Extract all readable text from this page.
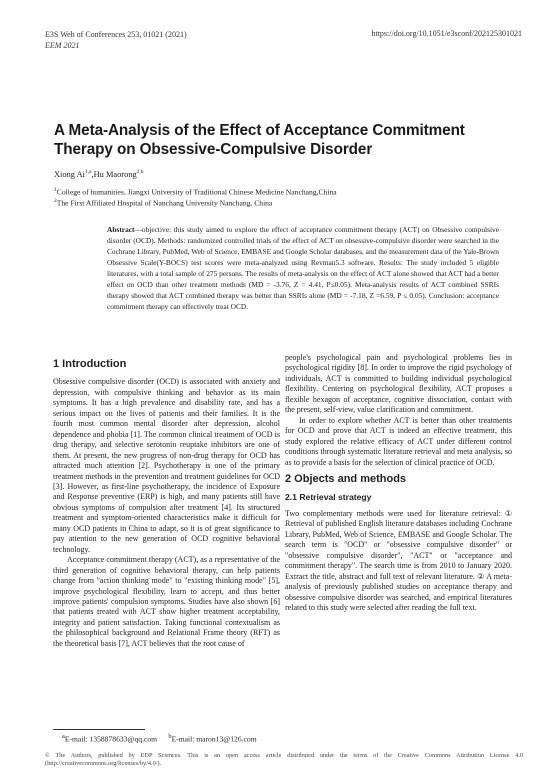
E3S Web of Conferences 253, 01021 (2021)
EEM 2021
https://doi.org/10.1051/e3sconf/202125301021
A Meta-Analysis of the Effect of Acceptance Commitment Therapy on Obsessive-Compulsive Disorder
Xiong Ai$^{1,a}$,Hu Maorong$^{2,b}$
$^1$College of humanities, Jiangxi University of Traditional Chinese Medicine Nanchang,China
$^2$The First Affiliated Hospital of Nanchang University Nanchang, China
Abstract—objective: this study aimed to explore the effect of acceptance commitment therapy (ACT) on Obsessive compulsive disorder (OCD). Methods: randomized controlled trials of the effect of ACT on obsessive-compulsive disorder were searched in the Cochrane Library, PubMed, Web of Science, EMBASE and Google Scholar databases, and the measurement data of the Yale-Brown Obsessive Scale(Y-BOCS) test scores were meta-analyzed using Revman5.3 software. Results: The study included 5 eligible literatures, with a total sample of 275 persons. The results of meta-analysis on the effect of ACT alone showed that ACT had a better effect on OCD than other treatment methods (MD = -3.76, Z = 4.41, P≤0.05). Meta-analysis results of ACT combined SSRIs therapy showed that ACT combined therapy was better than SSRIs alone (MD = -7.18, Z =6.59, P ≤ 0.05). Conclusion: acceptance commitment therapy can effectively treat OCD.
1 Introduction

Obsessive compulsive disorder (OCD) is associated with anxiety and depression, with compulsive thinking and behavior as its main symptoms. It has a high prevalence and disability rate, and has a serious impact on the lives of patients and their families. It is the fourth most common mental disorder after depression, alcohol dependence and phobia [1]. The common clinical treatment of OCD is drug therapy, and selective serotonin reuptake inhibitors are one of them. At present, the new progress of non-drug therapy for OCD has attracted much attention [2]. Psychotherapy is one of the primary treatment methods in the prevention and treatment guidelines for OCD [3]. However, as first-line psychotherapy, the incidence of Exposure and Response preventive (ERP) is high, and many patients still have obvious symptoms of compulsion after treatment [4]. Its structured treatment and symptom-oriented characteristics make it difficult for many OCD patients in China to adapt, so it is of great significance to pay attention to the new generation of OCD cognitive behavioral technology.

Acceptance commitment therapy (ACT), as a representative of the third generation of cognitive behavioral therapy, can help patients change from "action thinking mode" to "existing thinking mode" [5], improve psychological flexibility, learn to accept, and thus better improve patients' compulsion symptoms. Studies have also shown [6] that patients treated with ACT show higher treatment acceptability, integrity and patient satisfaction. Taking functional contextualism as the philosophical background and Relational Frame theory (RFT) as the theoretical basis [7], ACT believes that the root cause of

people's psychological pain and psychological problems lies in psychological rigidity [8]. In order to improve the rigid psychology of individuals, ACT is committed to building individual psychological flexibility. Centering on psychological flexibility, ACT proposes a flexible hexagon of acceptance, cognitive dissociation, contact with the present, self-view, value clarification and commitment.

In order to explore whether ACT is better than other treatments for OCD and prove that ACT is indeed an effective treatment, this study explored the relative efficacy of ACT under different control conditions through systematic literature retrieval and meta analysis, so as to provide a basis for the selection of clinical practice of OCD.

2 Objects and methods
2.1 Retrieval strategy

Two complementary methods were used for literature retrieval: ① Retrieval of published English literature databases including Cochrane Library, PubMed, Web of Science, EMBASE and Google Scholar. The search term is "OCD" or "obsessive compulsive disorder" or "obsessive compulsive disorder", "ACT" or "acceptance and commitment therapy". The search time is from 2010 to January 2020. Extract the title, abstract and full text of relevant literature. ② A meta-analysis of previously published studies on acceptance therapy and obsessive compulsive disorder was searched, and empirical literatures related to this study were selected after reading the full text.

$^a$E-mail: 1358878633@qq.com $^b$E-mail: maron13@126.com
© The Authors, published by EDP Sciences. This is an open access article distributed under the terms of the Creative Commons Attribution License 4.0 (http://creativecommons.org/licenses/by/4.0/).
